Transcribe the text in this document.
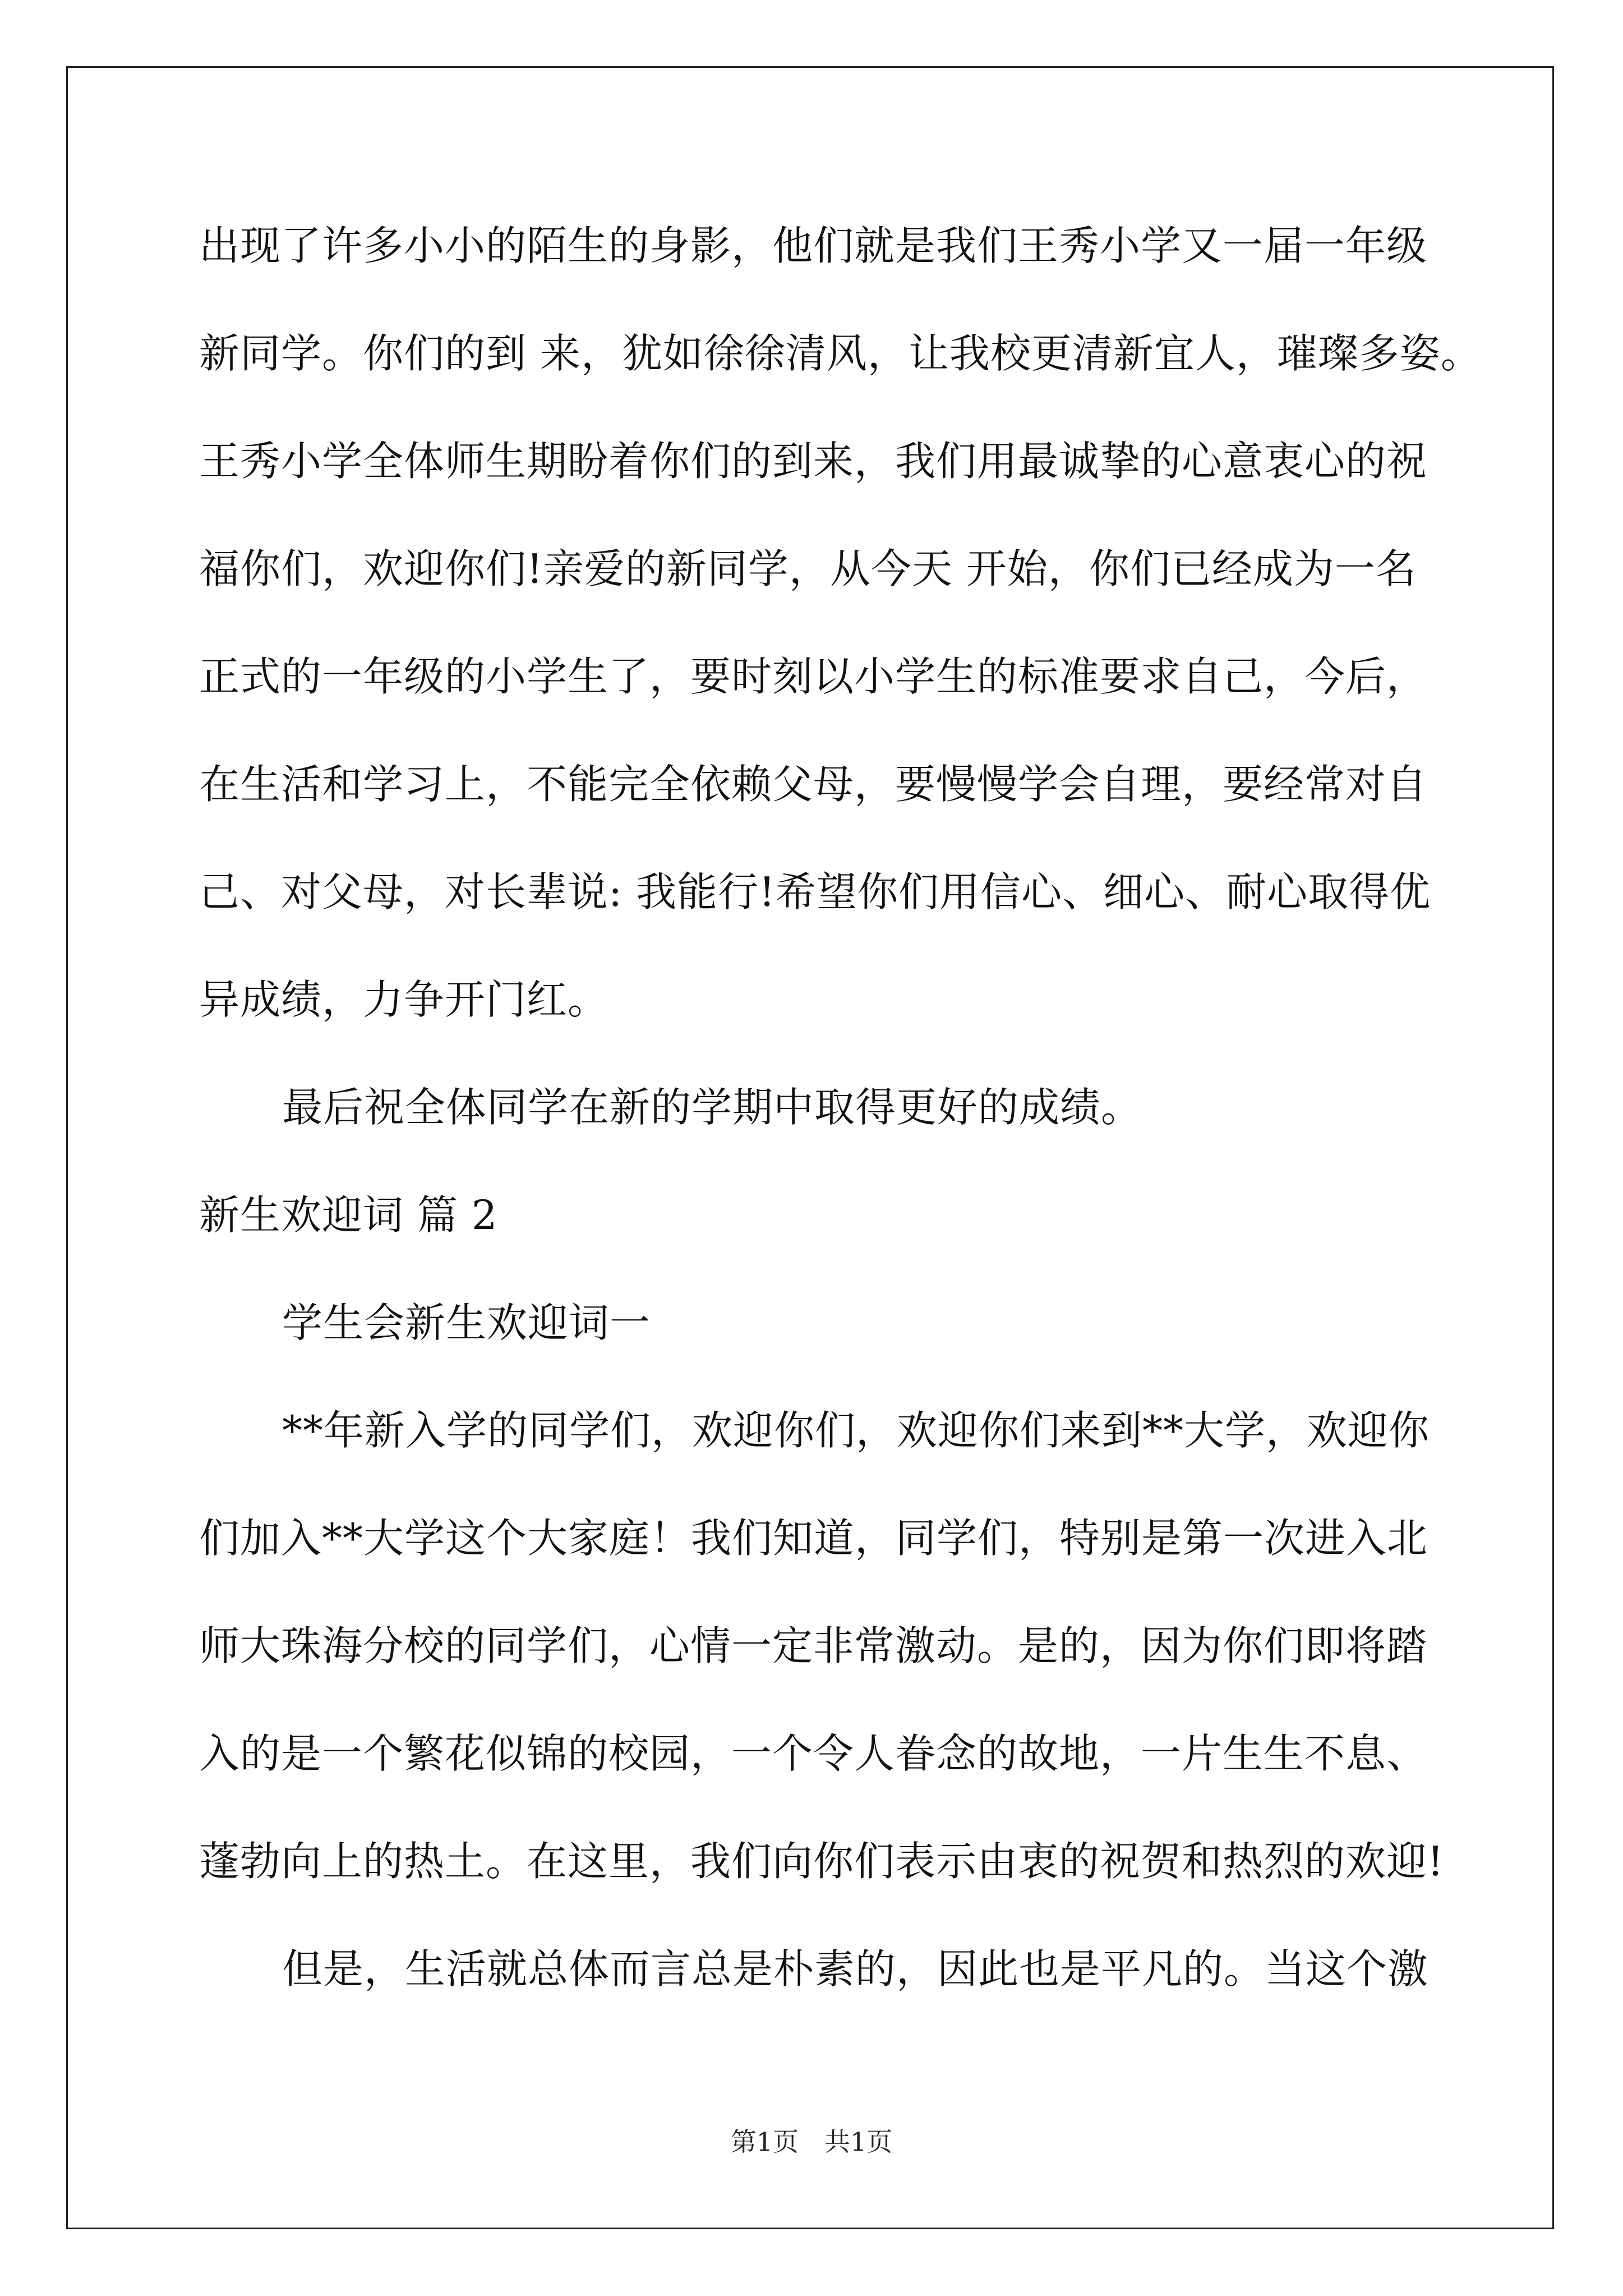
出现了许多小小的陌生的身影，他们就是我们王秀小学又一届一年级
新同学。你们的到 来，犹如徐徐清风，让我校更清新宜人，璀璨多姿。
王秀小学全体师生期盼着你们的到来，我们用最诚挚的心意衷心的祝
福你们，欢迎你们!亲爱的新同学，从今天 开始，你们已经成为一名
正式的一年级的小学生了，要时刻以小学生的标准要求自己，今后，
在生活和学习上，不能完全依赖父母，要慢慢学会自理，要经常对自
己、对父母，对长辈说: 我能行!希望你们用信心、细心、耐心取得优
异成绩，力争开门红。
最后祝全体同学在新的学期中取得更好的成绩。
新生欢迎词 篇 2
学生会新生欢迎词一
**年新入学的同学们，欢迎你们，欢迎你们来到**大学，欢迎你
们加入**大学这个大家庭！我们知道，同学们，特别是第一次进入北
师大珠海分校的同学们，心情一定非常激动。是的，因为你们即将踏
入的是一个繁花似锦的校园，一个令人眷念的故地，一片生生不息、
蓬勃向上的热土。在这里，我们向你们表示由衷的祝贺和热烈的欢迎!
但是，生活就总体而言总是朴素的，因此也是平凡的。当这个激
第1页　共1页
